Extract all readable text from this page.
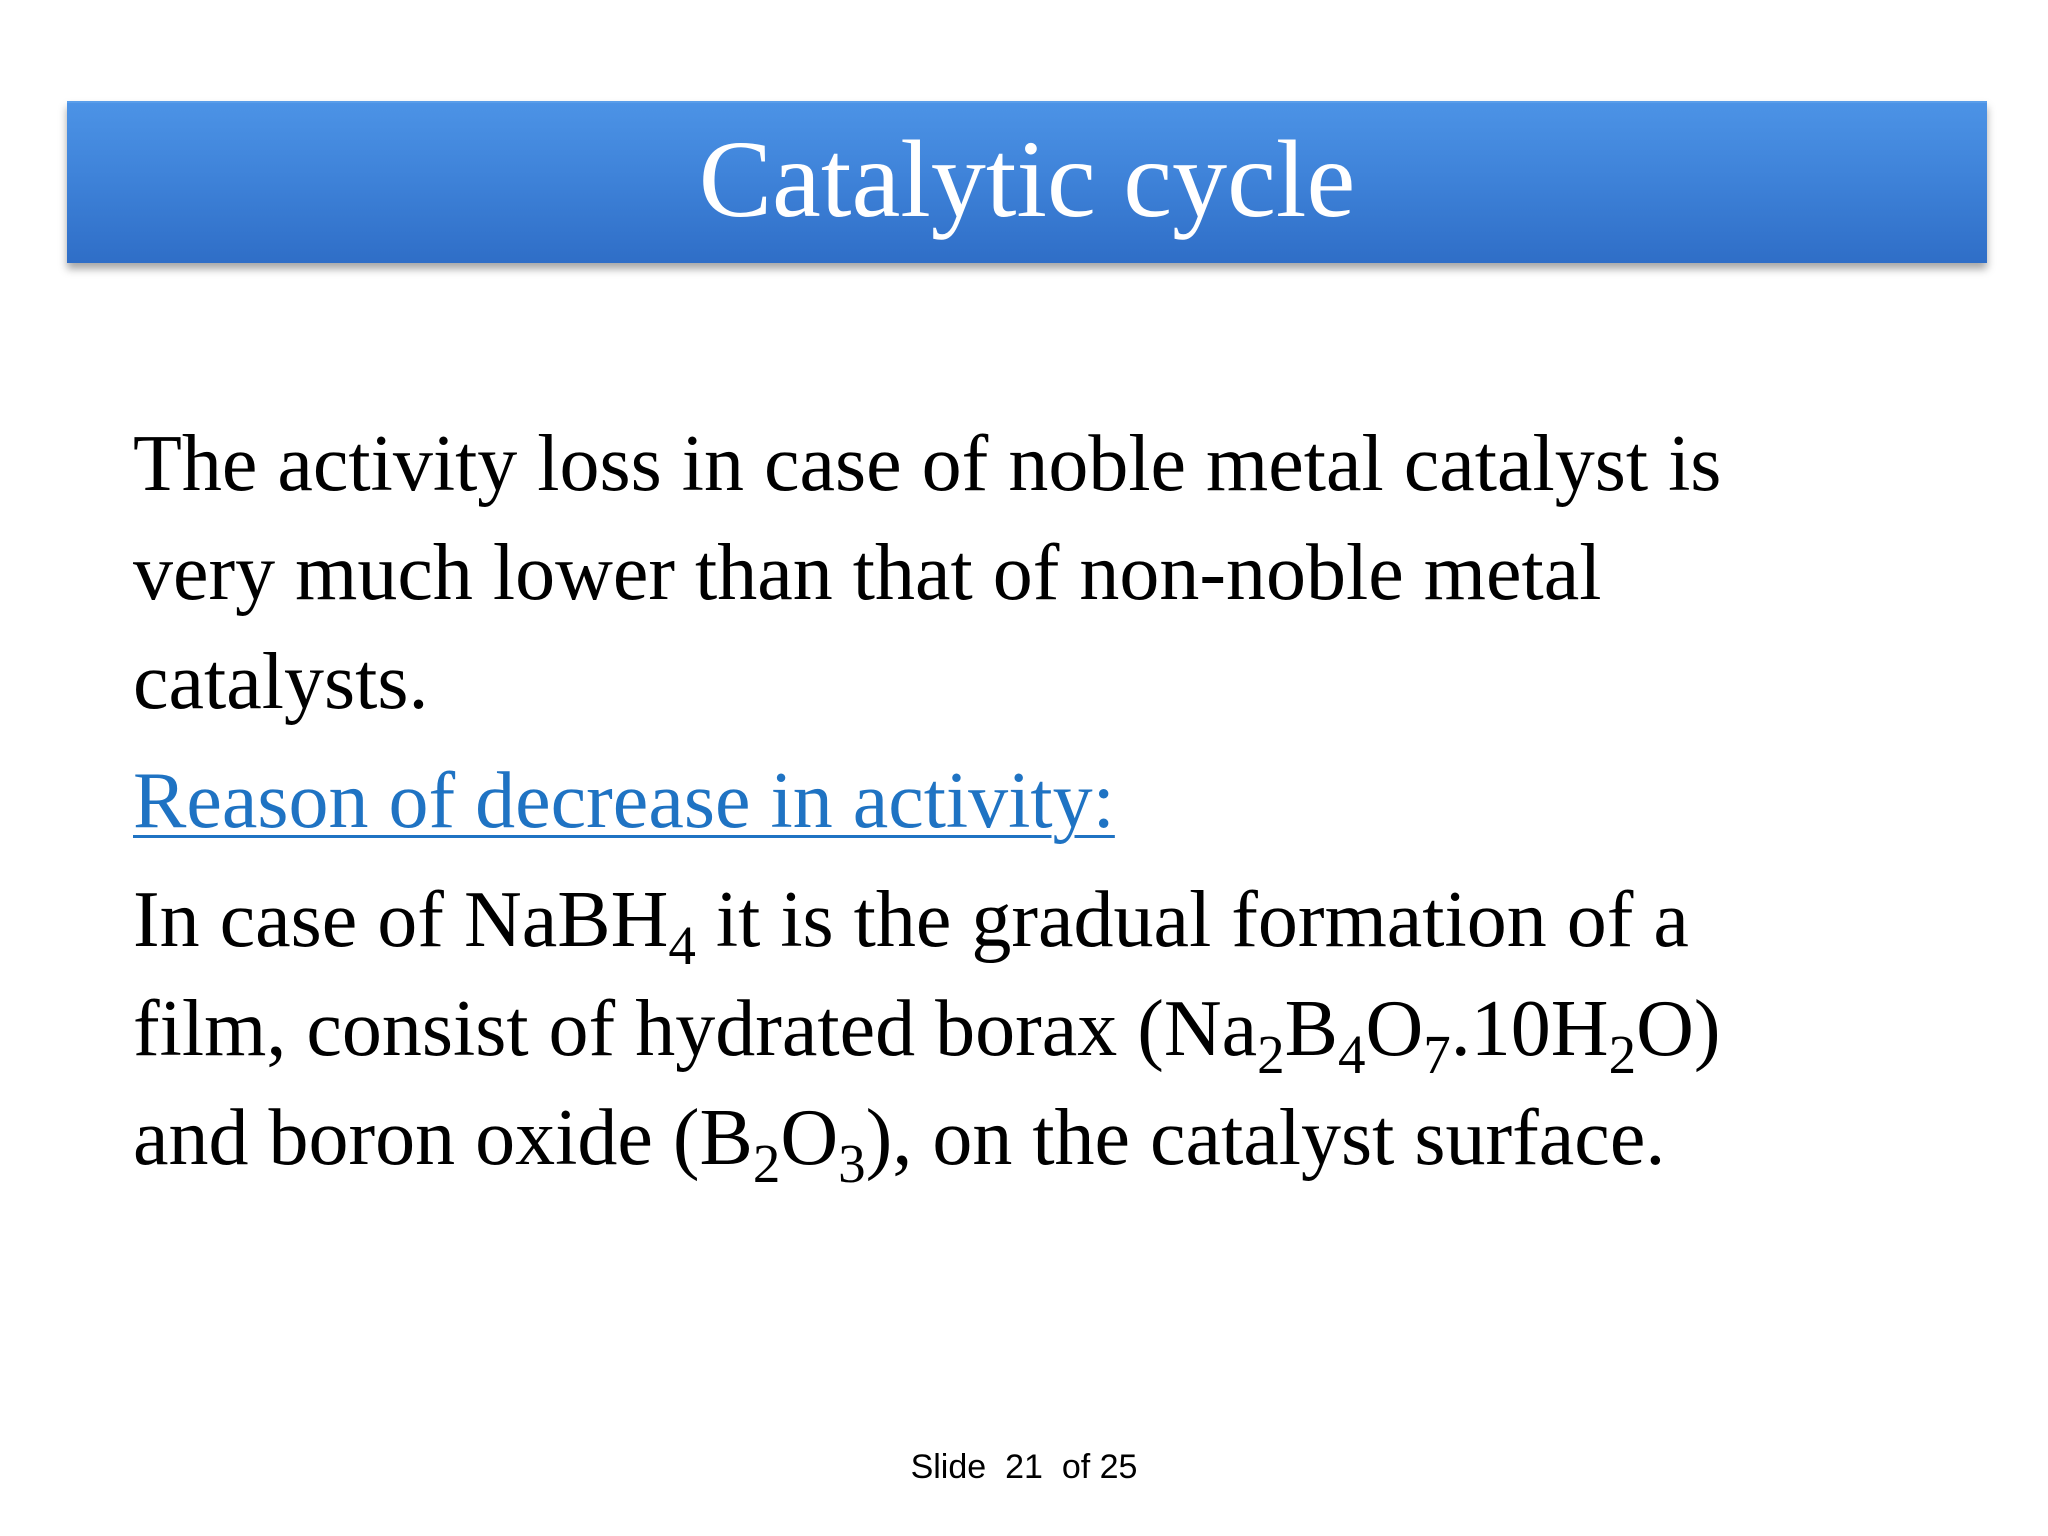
Catalytic cycle
The activity loss in case of noble metal catalyst is
very much lower than that of non-noble metal
catalysts.
Reason of decrease in activity:
In case of NaBH$_4$ it is the gradual formation of a
film, consist of hydrated borax $(Na_2B_4O_7.10H_2O)$
and boron oxide $(B_2O_3)$, on the catalyst surface.
Slide 21 of 25
